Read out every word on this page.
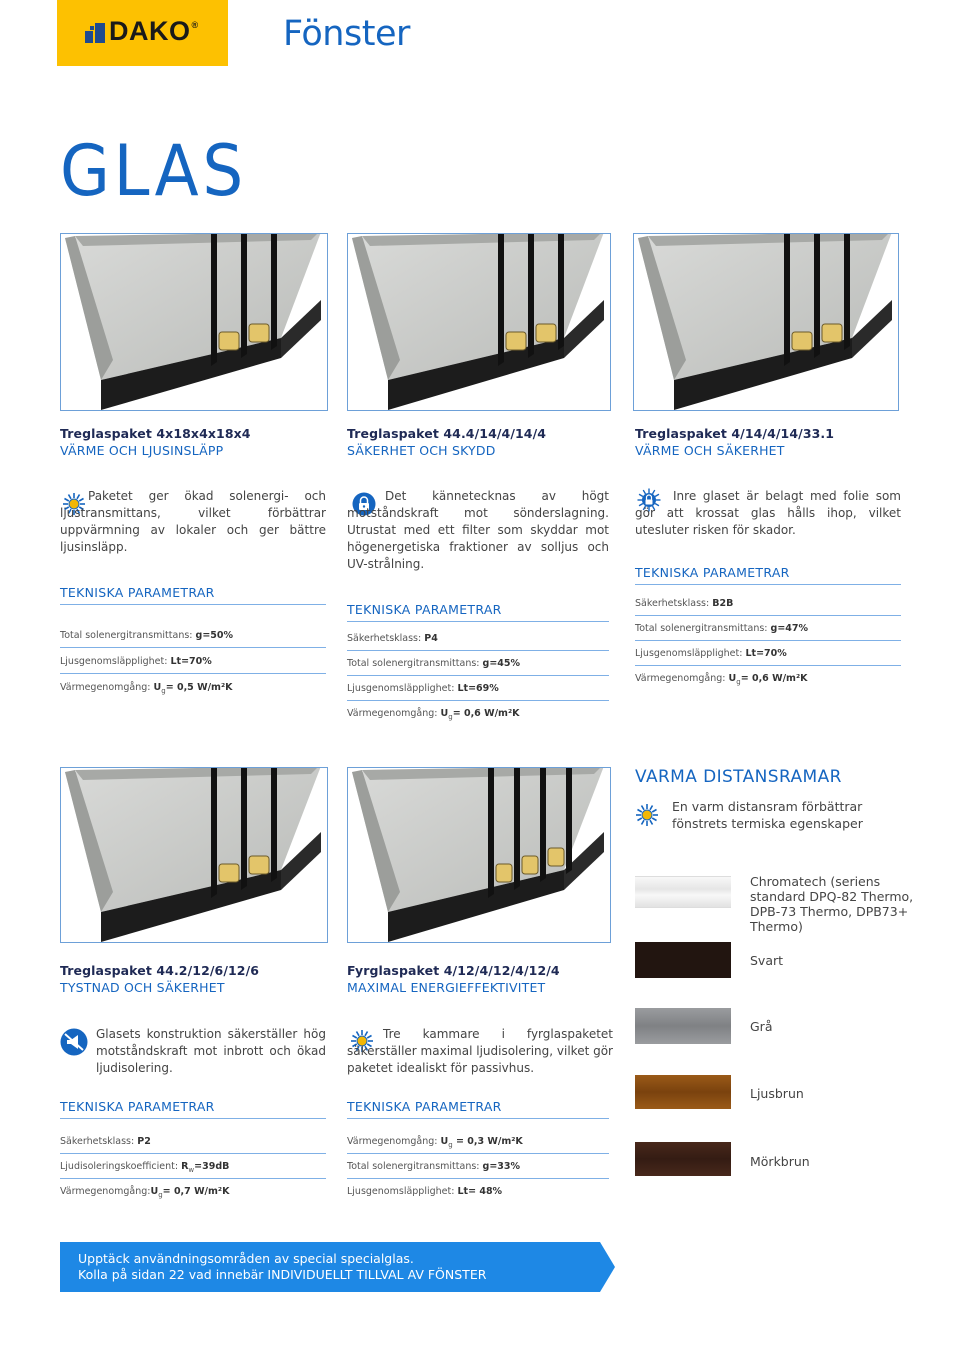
DAKO® Fönster
GLAS
Treglaspaket 4x18x4x18x4
VÄRME OCH LJUSINSLÄPP
Paketet ger ökad solenergi- och ljustransmittans, vilket förbättrar uppvärmning av lokaler och ger bättre ljusinsläpp.
TEKNISKA PARAMETRAR
Total solenergitransmittans: g=50%
Ljusgenomsläpplighet: Lt=70%
Värmegenomgång: $U_g= 0,5$ W/m²K
Treglaspaket 44.4/14/4/14/4
SÄKERHET OCH SKYDD
Det kännetecknas av högt motståndskraft mot sönderslagning. Utrustat med ett filter som skyddar mot högenergetiska fraktioner av solljus och UV-strålning.
TEKNISKA PARAMETRAR
Säkerhetsklass: P4
Total solenergitransmittans: g=45%
Ljusgenomsläpplighet: Lt=69%
Värmegenomgång: $U_g= 0,6$ W/m²K
Treglaspaket 4/14/4/14/33.1
VÄRME OCH SÄKERHET
Inre glaset är belagt med folie som gör att krossat glas hålls ihop, vilket utesluter risken för skador.
TEKNISKA PARAMETRAR
Säkerhetsklass: B2B
Total solenergitransmittans: g=47%
Ljusgenomsläpplighet: Lt=70%
Värmegenomgång: $U_g= 0,6$ W/m²K
Treglaspaket 44.2/12/6/12/6
TYSTNAD OCH SÄKERHET
Glasets konstruktion säkerställer hög motståndskraft mot inbrott och ökad ljudisolering.
TEKNISKA PARAMETRAR
Säkerhetsklass: P2
Ljudisoleringskoefficient: $R_w=39dB$
$Värmegenomgång:U_g= 0,7$ W/m²K
Fyrglaspaket 4/12/4/12/4/12/4
MAXIMAL ENERGIEFFEKTIVITET
Tre kammare i fyrglaspaketet säkerställer maximal ljudisolering, vilket gör paketet idealiskt för passivhus.
TEKNISKA PARAMETRAR
Värmegenomgång: $U_g = 0,3$ W/m²K
Total solenergitransmittans: g=33%
Ljusgenomsläpplighet: Lt= 48%
VARMA DISTANSRAMAR
En varm distansram förbättrar fönstrets termiska egenskaper
Chromatech (seriens standard DPQ-82 Thermo, DPB-73 Thermo, DPB73+ Thermo)
Svart
Grå
Ljusbrun
Mörkbrun
Upptäck användningsområden av special specialglas.
Kolla på sidan 22 vad innebär INDIVIDUELLT TILLVAL AV FÖNSTER
